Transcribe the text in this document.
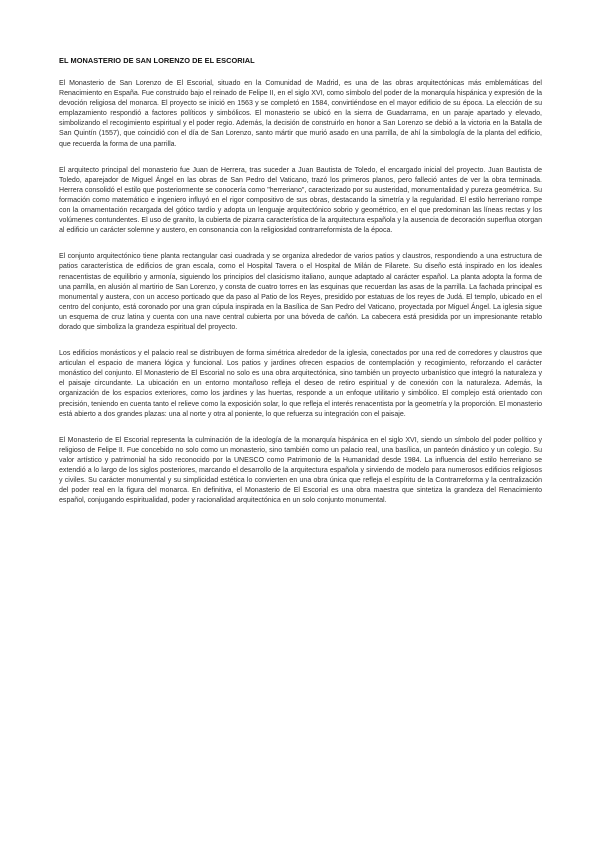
EL MONASTERIO DE SAN LORENZO DE EL ESCORIAL

El Monasterio de San Lorenzo de El Escorial, situado en la Comunidad de Madrid, es una de las obras arquitectónicas más emblemáticas del Renacimiento en España. Fue construido bajo el reinado de Felipe II, en el siglo XVI, como símbolo del poder de la monarquía hispánica y expresión de la devoción religiosa del monarca. El proyecto se inició en 1563 y se completó en 1584, convirtiéndose en el mayor edificio de su época. La elección de su emplazamiento respondió a factores políticos y simbólicos. El monasterio se ubicó en la sierra de Guadarrama, en un paraje apartado y elevado, simbolizando el recogimiento espiritual y el poder regio. Además, la decisión de construirlo en honor a San Lorenzo se debió a la victoria en la Batalla de San Quintín (1557), que coincidió con el día de San Lorenzo, santo mártir que murió asado en una parrilla, de ahí la simbología de la planta del edificio, que recuerda la forma de una parrilla.

El arquitecto principal del monasterio fue Juan de Herrera, tras suceder a Juan Bautista de Toledo, el encargado inicial del proyecto. Juan Bautista de Toledo, aparejador de Miguel Ángel en las obras de San Pedro del Vaticano, trazó los primeros planos, pero falleció antes de ver la obra terminada. Herrera consolidó el estilo que posteriormente se conocería como "herreriano", caracterizado por su austeridad, monumentalidad y pureza geométrica. Su formación como matemático e ingeniero influyó en el rigor compositivo de sus obras, destacando la simetría y la regularidad. El estilo herreriano rompe con la ornamentación recargada del gótico tardío y adopta un lenguaje arquitectónico sobrio y geométrico, en el que predominan las líneas rectas y los volúmenes contundentes. El uso de granito, la cubierta de pizarra característica de la arquitectura española y la ausencia de decoración superflua otorgan al edificio un carácter solemne y austero, en consonancia con la religiosidad contrarreformista de la época.

El conjunto arquitectónico tiene planta rectangular casi cuadrada y se organiza alrededor de varios patios y claustros, respondiendo a una estructura de patios característica de edificios de gran escala, como el Hospital Tavera o el Hospital de Milán de Filarete. Su diseño está inspirado en los ideales renacentistas de equilibrio y armonía, siguiendo los principios del clasicismo italiano, aunque adaptado al carácter español. La planta adopta la forma de una parrilla, en alusión al martirio de San Lorenzo, y consta de cuatro torres en las esquinas que recuerdan las asas de la parrilla. La fachada principal es monumental y austera, con un acceso porticado que da paso al Patio de los Reyes, presidido por estatuas de los reyes de Judá. El templo, ubicado en el centro del conjunto, está coronado por una gran cúpula inspirada en la Basílica de San Pedro del Vaticano, proyectada por Miguel Ángel. La iglesia sigue un esquema de cruz latina y cuenta con una nave central cubierta por una bóveda de cañón. La cabecera está presidida por un impresionante retablo dorado que simboliza la grandeza espiritual del proyecto.

Los edificios monásticos y el palacio real se distribuyen de forma simétrica alrededor de la iglesia, conectados por una red de corredores y claustros que articulan el espacio de manera lógica y funcional. Los patios y jardines ofrecen espacios de contemplación y recogimiento, reforzando el carácter monástico del conjunto. El Monasterio de El Escorial no solo es una obra arquitectónica, sino también un proyecto urbanístico que integró la naturaleza y el paisaje circundante. La ubicación en un entorno montañoso refleja el deseo de retiro espiritual y de conexión con la naturaleza. Además, la organización de los espacios exteriores, como los jardines y las huertas, responde a un enfoque utilitario y simbólico. El complejo está orientado con precisión, teniendo en cuenta tanto el relieve como la exposición solar, lo que refleja el interés renacentista por la geometría y la proporción. El monasterio está abierto a dos grandes plazas: una al norte y otra al poniente, lo que refuerza su integración con el paisaje.

El Monasterio de El Escorial representa la culminación de la ideología de la monarquía hispánica en el siglo XVI, siendo un símbolo del poder político y religioso de Felipe II. Fue concebido no solo como un monasterio, sino también como un palacio real, una basílica, un panteón dinástico y un colegio. Su valor artístico y patrimonial ha sido reconocido por la UNESCO como Patrimonio de la Humanidad desde 1984. La influencia del estilo herreriano se extendió a lo largo de los siglos posteriores, marcando el desarrollo de la arquitectura española y sirviendo de modelo para numerosos edificios religiosos y civiles. Su carácter monumental y su simplicidad estética lo convierten en una obra única que refleja el espíritu de la Contrarreforma y la centralización del poder real en la figura del monarca. En definitiva, el Monasterio de El Escorial es una obra maestra que sintetiza la grandeza del Renacimiento español, conjugando espiritualidad, poder y racionalidad arquitectónica en un solo conjunto monumental.
